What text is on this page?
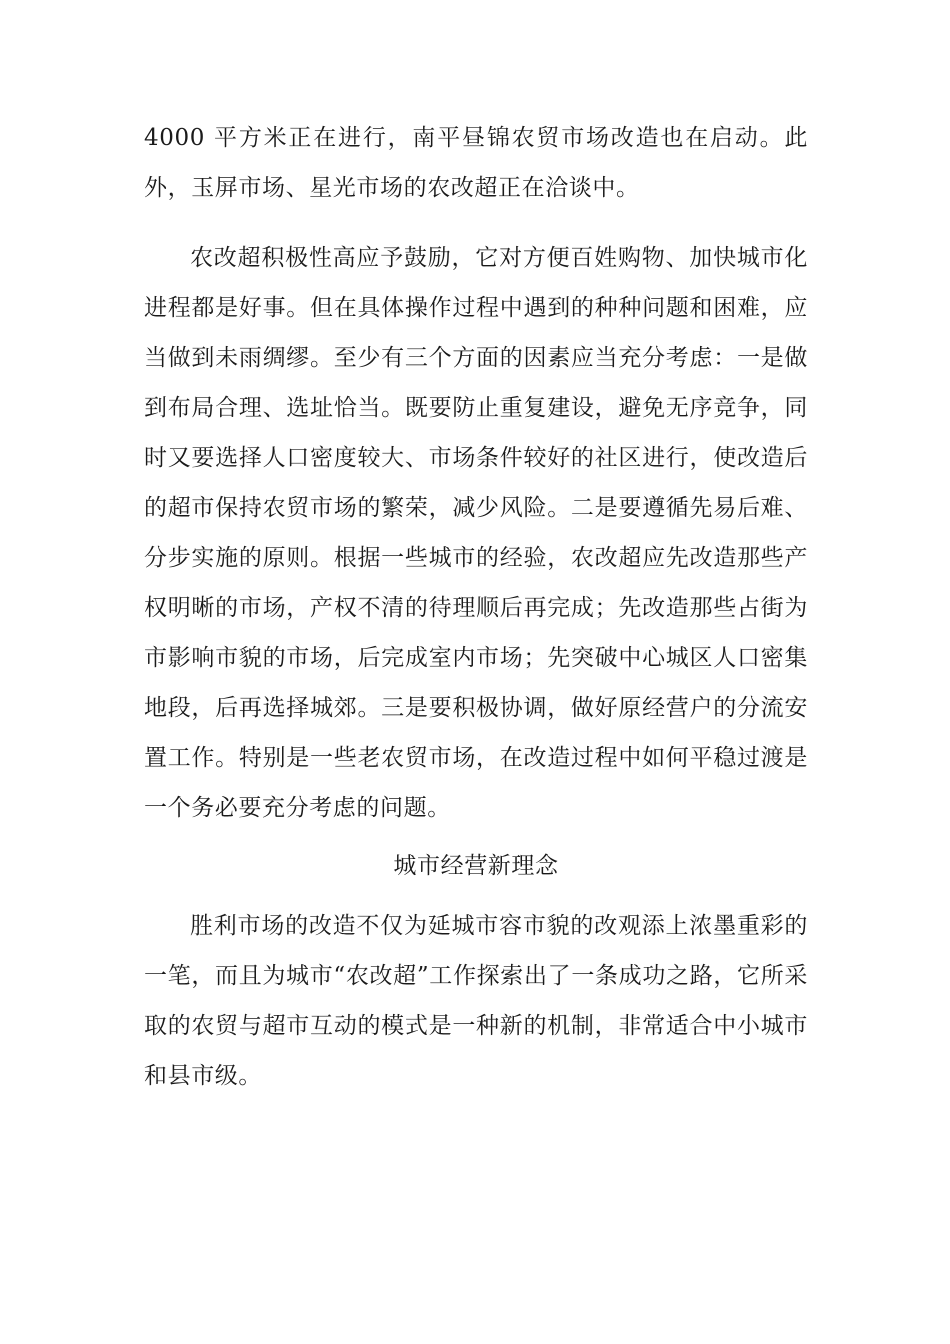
4000 平方米正在进行，南平昼锦农贸市场改造也在启动。此外，玉屏市场、星光市场的农改超正在洽谈中。

农改超积极性高应予鼓励，它对方便百姓购物、加快城市化进程都是好事。但在具体操作过程中遇到的种种问题和困难，应当做到未雨绸缪。至少有三个方面的因素应当充分考虑：一是做到布局合理、选址恰当。既要防止重复建设，避免无序竞争，同时又要选择人口密度较大、市场条件较好的社区进行，使改造后的超市保持农贸市场的繁荣，减少风险。二是要遵循先易后难、分步实施的原则。根据一些城市的经验，农改超应先改造那些产权明晰的市场，产权不清的待理顺后再完成；先改造那些占街为市影响市貌的市场，后完成室内市场；先突破中心城区人口密集地段，后再选择城郊。三是要积极协调，做好原经营户的分流安置工作。特别是一些老农贸市场，在改造过程中如何平稳过渡是一个务必要充分考虑的问题。

城市经营新理念

胜利市场的改造不仅为延城市容市貌的改观添上浓墨重彩的一笔，而且为城市“农改超”工作探索出了一条成功之路，它所采取的农贸与超市互动的模式是一种新的机制，非常适合中小城市和县市级。
